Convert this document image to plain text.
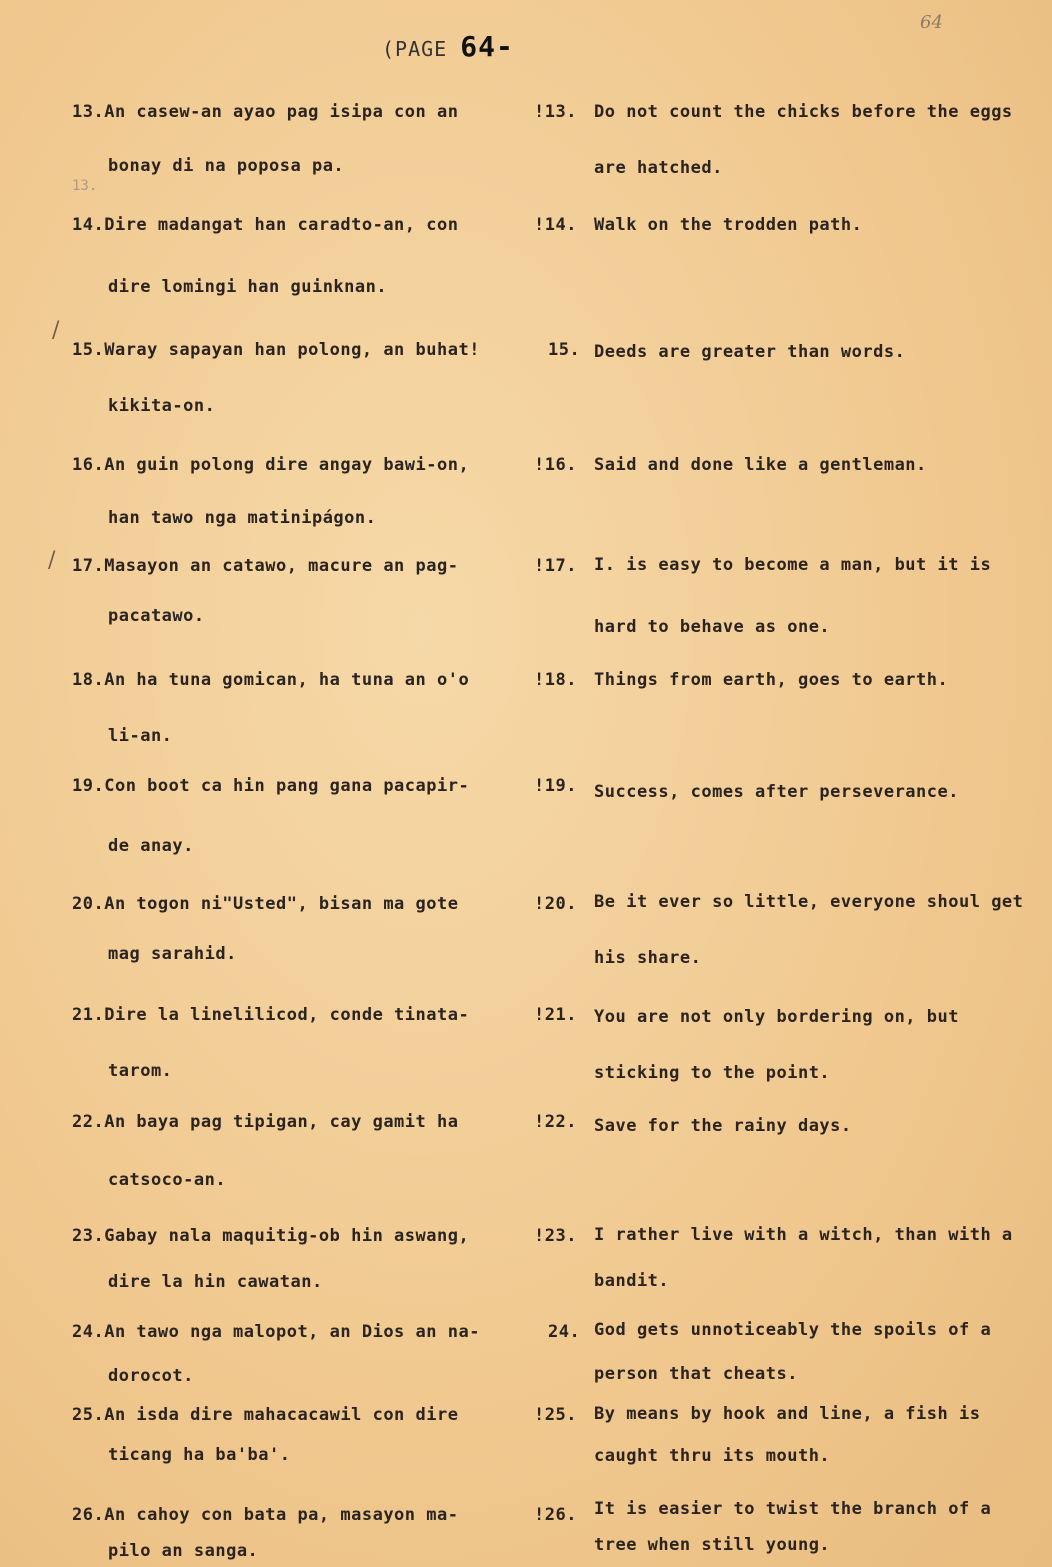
(PAGE 64-
64
/
/
13.
13.An casew-an ayao pag isipa con an	!13. Do not count the chicks before the eggs are hatched.
bonay di na poposa pa.
14.Dire madangat han caradto-an, con	!14. Walk on the trodden path.
dire lomingi han guinknan.
15.Waray sapayan han polong, an buhat!	15. Deeds are greater than words.
kikita-on.
16.An guin polong dire angay bawi-on,	!16. Said and done like a gentleman.
han tawo nga matinipágon.
17.Masayon an catawo, macure an pag-	!17. I. is easy to become a man, but it is hard to behave as one.
pacatawo.
18.An ha tuna gomican, ha tuna an o'o	!18. Things from earth, goes to earth.
li-an.
19.Con boot ca hin pang gana pacapir-	!19. Success, comes after perseverance.
de anay.
20.An togon ni"Usted", bisan ma gote	!20. Be it ever so little, everyone shoul get his share.
mag sarahid.
21.Dire la linelilicod, conde tinata-	!21. You are not only bordering on, but sticking to the point.
tarom.
22.An baya pag tipigan, cay gamit ha	!22. Save for the rainy days.
catsoco-an.
23.Gabay nala maquitig-ob hin aswang,	!23. I rather live with a witch, than with a bandit.
dire la hin cawatan.
24.An tawo nga malopot, an Dios an na-	24. God gets unnoticeably the spoils of a person that cheats.
dorocot.
25.An isda dire mahacacawil con dire	!25. By means by hook and line, a fish is caught thru its mouth.
ticang ha ba'ba'.
26.An cahoy con bata pa, masayon ma-	!26. It is easier to twist the branch of a tree when still young.
pilo an sanga.
